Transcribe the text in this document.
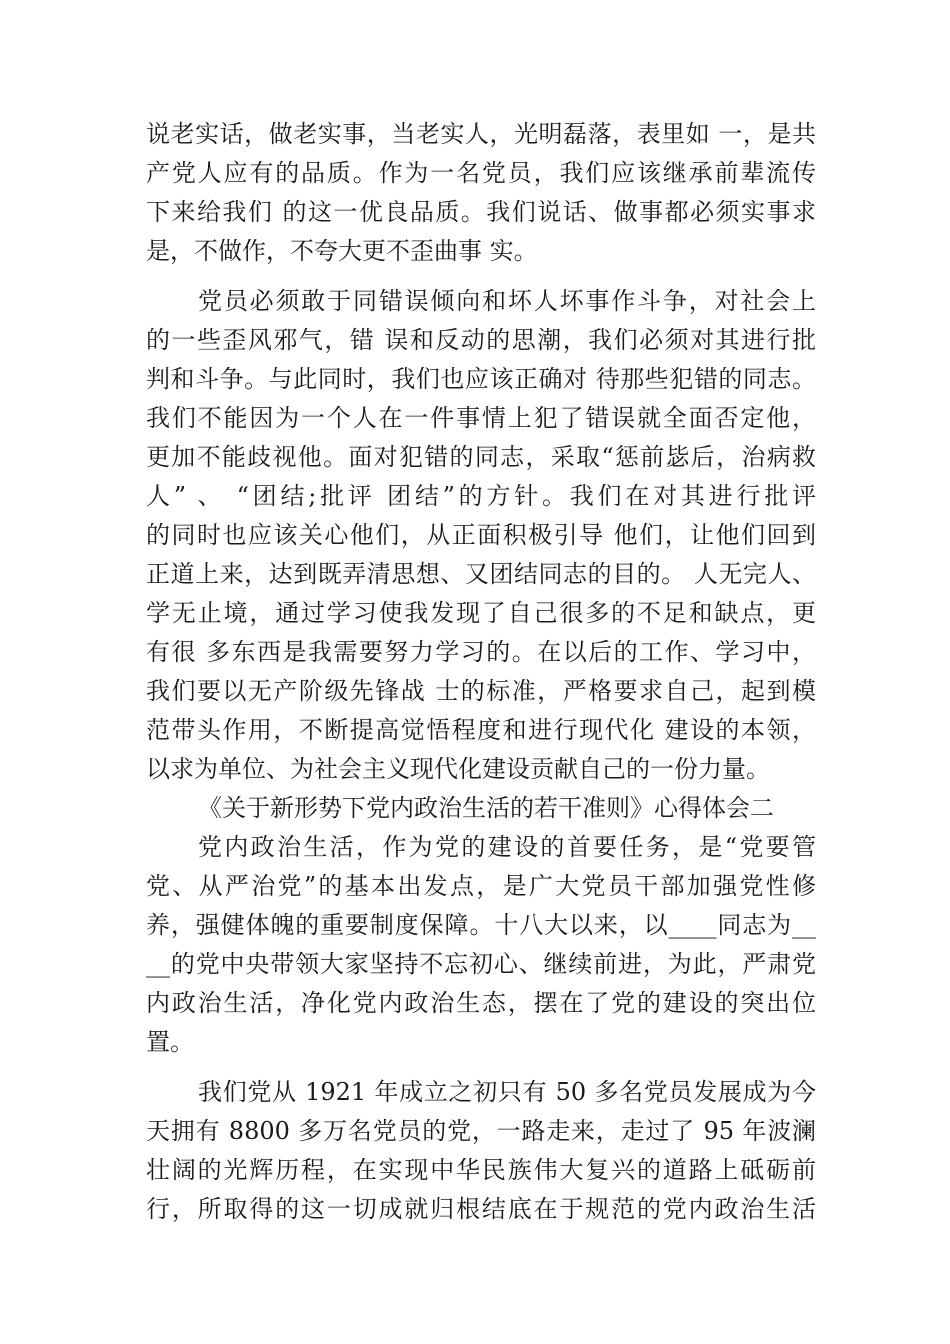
说老实话，做老实事，当老实人，光明磊落，表里如 一，是共
产党人应有的品质。作为一名党员，我们应该继承前辈流传
下来给我们 的这一优良品质。我们说话、做事都必须实事求
是，不做作，不夸大更不歪曲事 实。
党员必须敢于同错误倾向和坏人坏事作斗争，对社会上
的一些歪风邪气，错 误和反动的思潮，我们必须对其进行批
判和斗争。与此同时，我们也应该正确对 待那些犯错的同志。
我们不能因为一个人在一件事情上犯了错误就全面否定他，
更加不能歧视他。面对犯错的同志，采取“惩前毖后，治病救
人” 、 “团结;批评 团结”的方针。我们在对其进行批评
的同时也应该关心他们，从正面积极引导 他们，让他们回到
正道上来，达到既弄清思想、又团结同志的目的。 人无完人、
学无止境，通过学习使我发现了自己很多的不足和缺点，更
有很 多东西是我需要努力学习的。在以后的工作、学习中，
我们要以无产阶级先锋战 士的标准，严格要求自己，起到模
范带头作用，不断提高觉悟程度和进行现代化 建设的本领，
以求为单位、为社会主义现代化建设贡献自己的一份力量。
《关于新形势下党内政治生活的若干准则》心得体会二
党内政治生活，作为党的建设的首要任务，是“党要管
党、从严治党”的基本出发点，是广大党员干部加强党性修
养，强健体魄的重要制度保障。十八大以来，以____同志为__
__的党中央带领大家坚持不忘初心、继续前进，为此，严肃党
内政治生活，净化党内政治生态，摆在了党的建设的突出位
置。
我们党从 1921 年成立之初只有 50 多名党员发展成为今
天拥有 8800 多万名党员的党，一路走来，走过了 95 年波澜
壮阔的光辉历程，在实现中华民族伟大复兴的道路上砥砺前
行，所取得的这一切成就归根结底在于规范的党内政治生活
